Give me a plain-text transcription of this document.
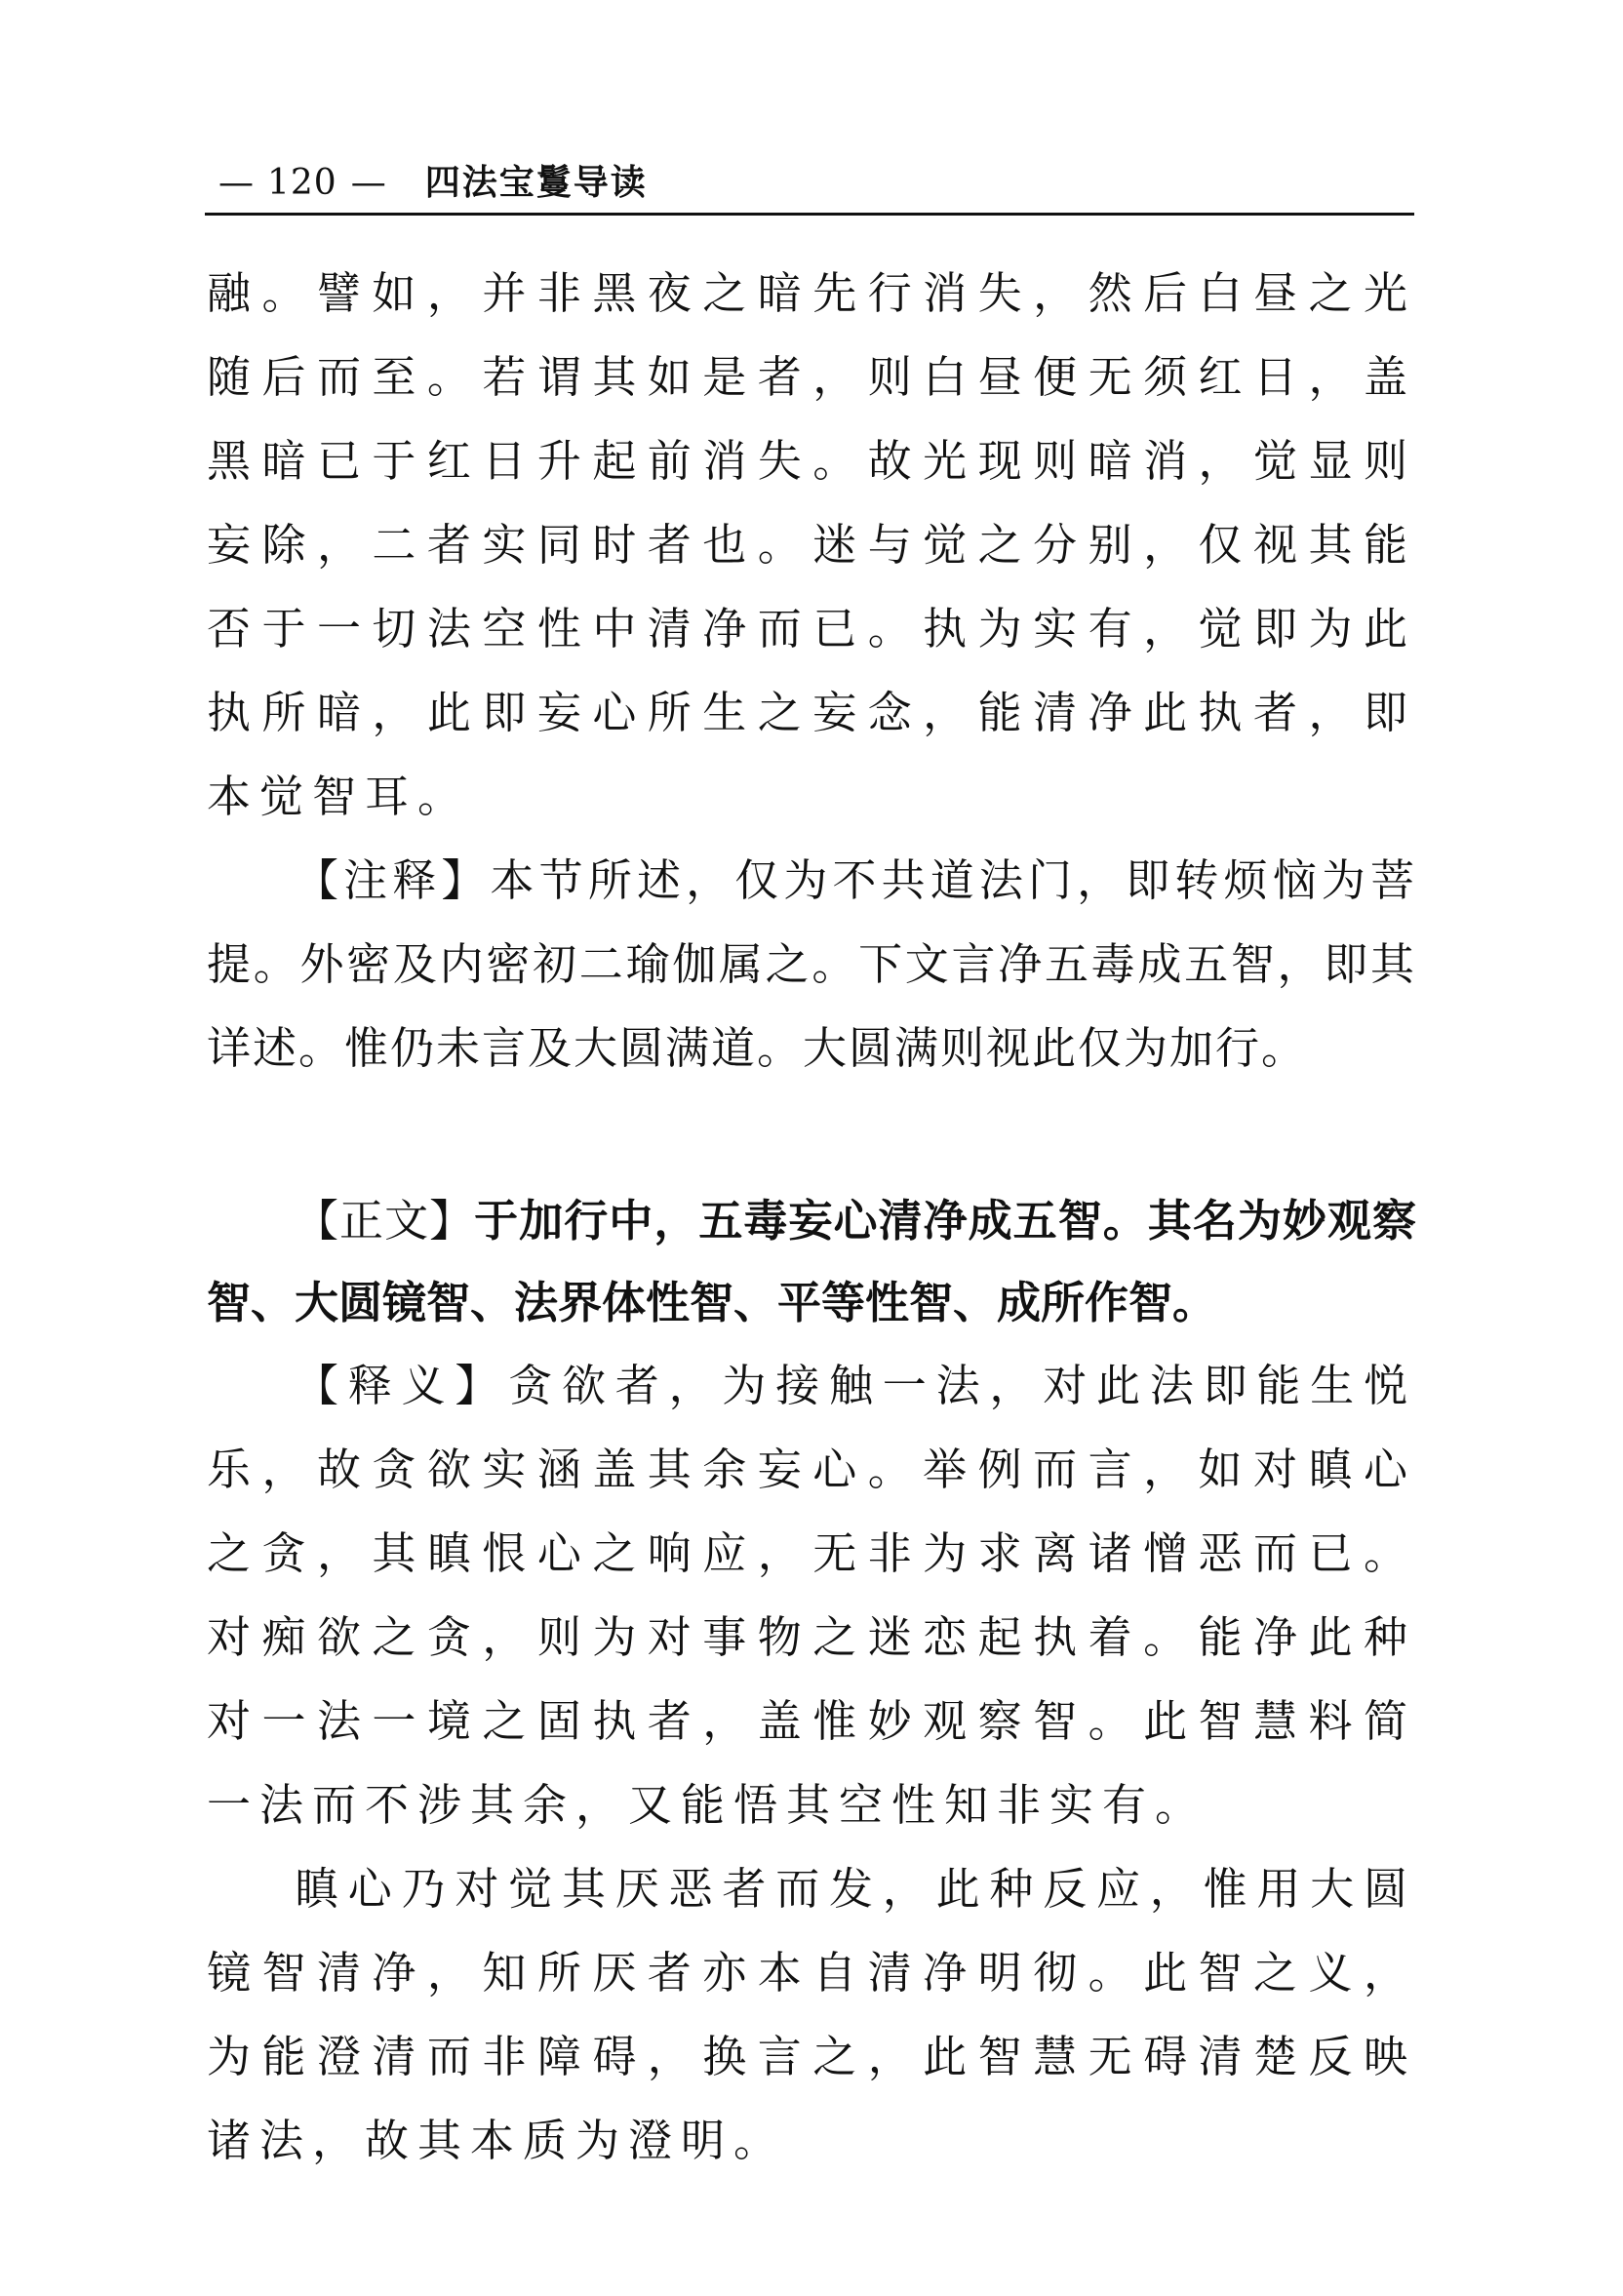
— 120 — 四法宝鬘导读

融。譬如，并非黑夜之暗先行消失，然后白昼之光随后而至。若谓其如是者，则白昼便无须红日，盖黑暗已于红日升起前消失。故光现则暗消，觉显则妄除，二者实同时者也。迷与觉之分别，仅视其能否于一切法空性中清净而已。执为实有，觉即为此执所暗，此即妄心所生之妄念，能清净此执者，即本觉智耳。

【注释】本节所述，仅为不共道法门，即转烦恼为菩提。外密及内密初二瑜伽属之。下文言净五毒成五智，即其详述。惟仍未言及大圆满道。大圆满则视此仅为加行。

【正文】于加行中，五毒妄心清净成五智。其名为妙观察智、大圆镜智、法界体性智、平等性智、成所作智。

【释义】贪欲者，为接触一法，对此法即能生悦乐，故贪欲实涵盖其余妄心。举例而言，如对瞋心之贪，其瞋恨心之响应，无非为求离诸憎恶而已。对痴欲之贪，则为对事物之迷恋起执着。能净此种对一法一境之固执者，盖惟妙观察智。此智慧料简一法而不涉其余，又能悟其空性知非实有。

瞋心乃对觉其厌恶者而发，此种反应，惟用大圆镜智清净，知所厌者亦本自清净明彻。此智之义，为能澄清而非障碍，换言之，此智慧无碍清楚反映诸法，故其本质为澄明。
